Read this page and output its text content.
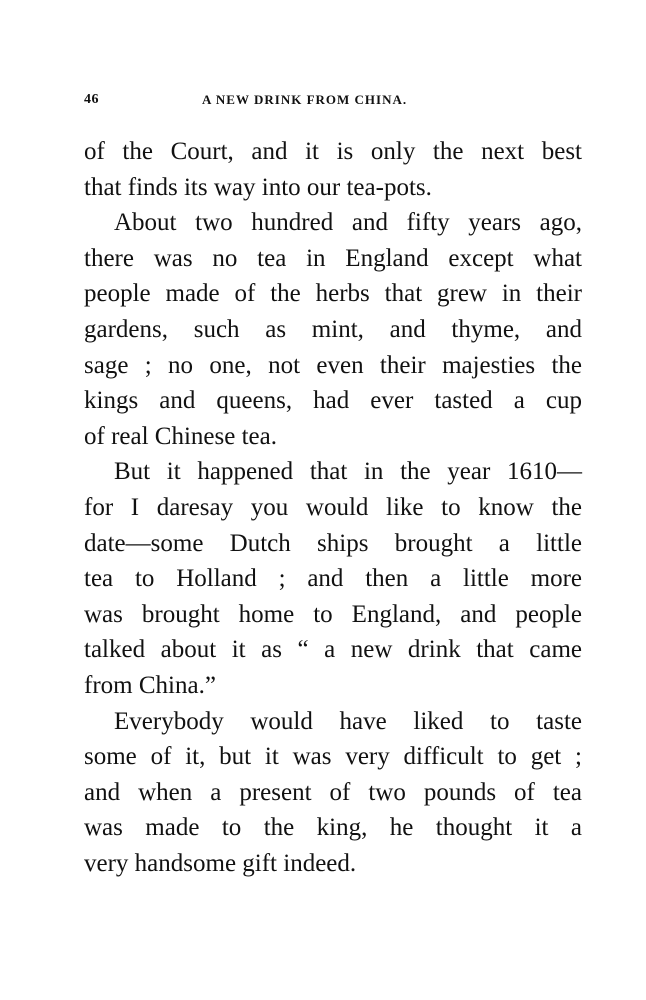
46	A NEW DRINK FROM CHINA.
of the Court, and it is only the next best
that finds its way into our tea-pots.
About two hundred and fifty years ago,
there was no tea in England except what
people made of the herbs that grew in their
gardens, such as mint, and thyme, and
sage ; no one, not even their majesties the
kings and queens, had ever tasted a cup
of real Chinese tea.
But it happened that in the year 1610—
for I daresay you would like to know the
date—some Dutch ships brought a little
tea to Holland ; and then a little more
was brought home to England, and people
talked about it as “ a new drink that came
from China.”
Everybody would have liked to taste
some of it, but it was very difficult to get ;
and when a present of two pounds of tea
was made to the king, he thought it a
very handsome gift indeed.
